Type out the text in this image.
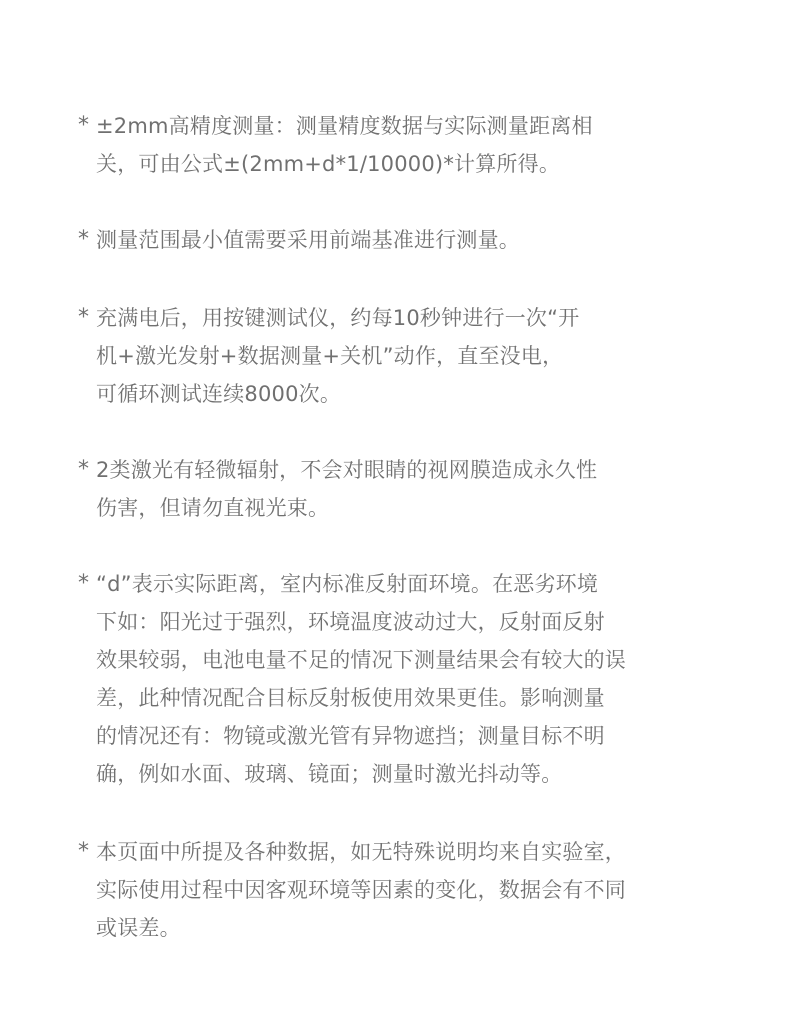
* ±2mm高精度测量：测量精度数据与实际测量距离相
关，可由公式±(2mm+d*1/10000)*计算所得。
* 测量范围最小值需要采用前端基准进行测量。
* 充满电后，用按键测试仪，约每10秒钟进行一次“开
机+激光发射+数据测量+关机”动作，直至没电，
可循环测试连续8000次。
* 2类激光有轻微辐射，不会对眼睛的视网膜造成永久性
伤害，但请勿直视光束。
* “d”表示实际距离，室内标准反射面环境。在恶劣环境
下如：阳光过于强烈，环境温度波动过大，反射面反射
效果较弱，电池电量不足的情况下测量结果会有较大的误
差，此种情况配合目标反射板使用效果更佳。影响测量
的情况还有：物镜或激光管有异物遮挡；测量目标不明
确，例如水面、玻璃、镜面；测量时激光抖动等。
* 本页面中所提及各种数据，如无特殊说明均来自实验室，
实际使用过程中因客观环境等因素的变化，数据会有不同
或误差。
